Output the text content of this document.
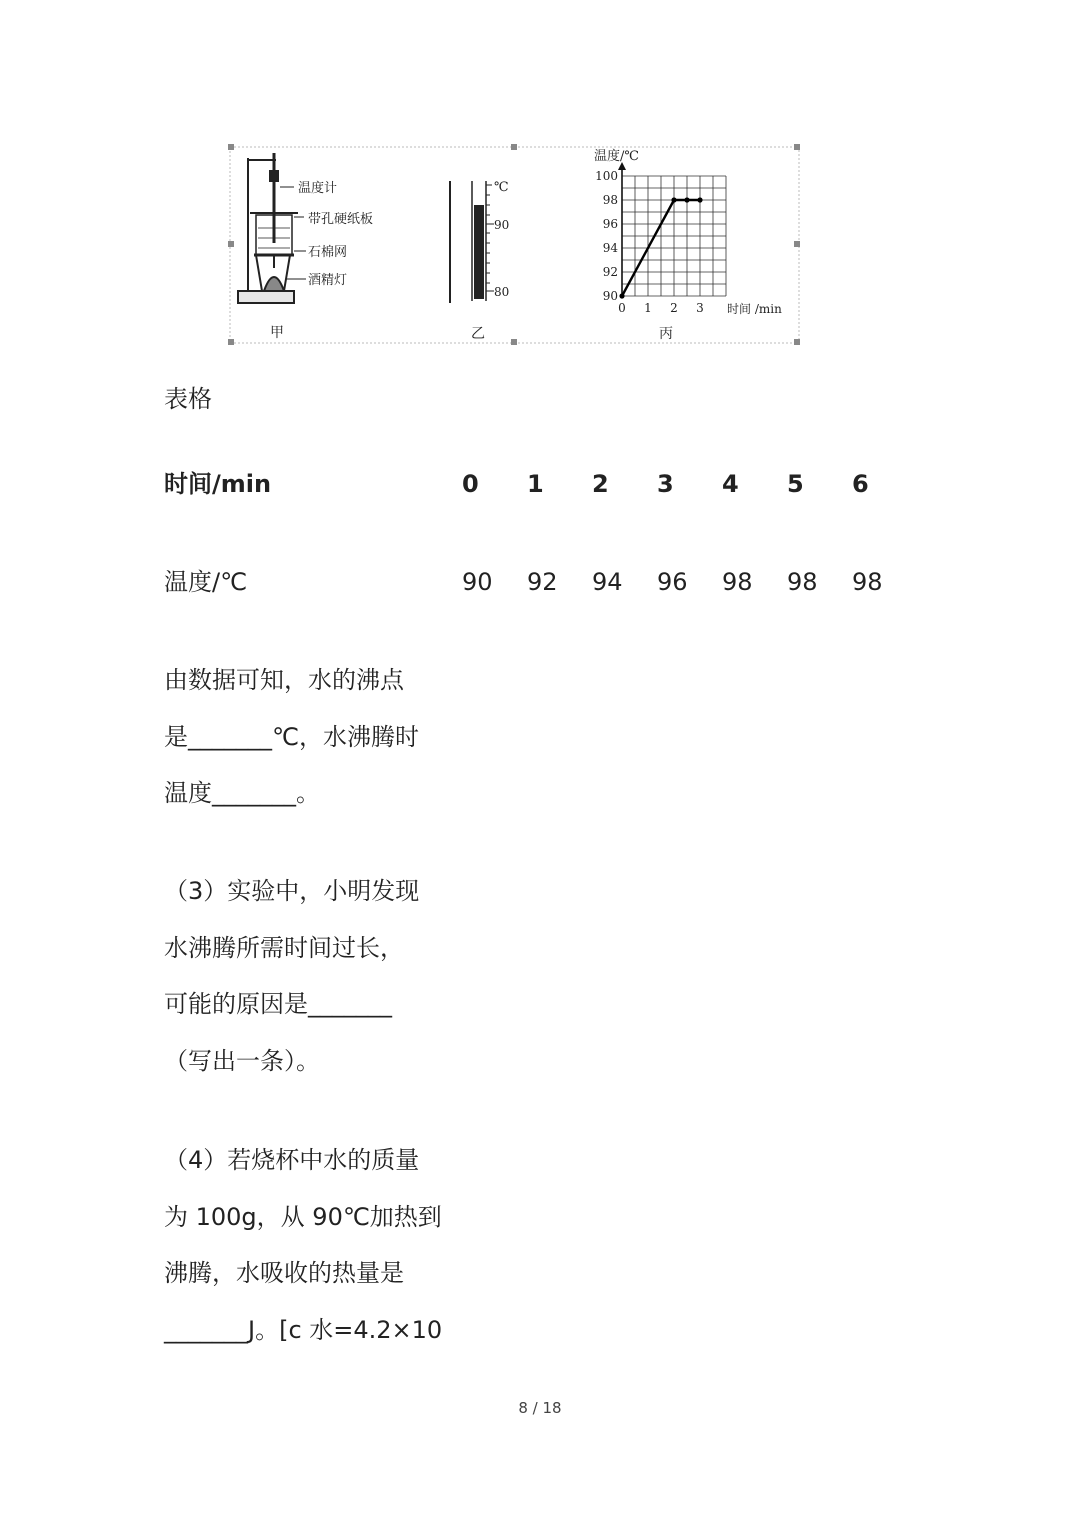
温度计
带孔硬纸板
石棉网
酒精灯
甲
℃
90
80
乙
90
92
94
96
98
100
0 1 2 3
温度/℃
时间 /min
丙
表格
时间/min	0 1 2 3 4 5 6
温度/℃	90 92 94 96 98 98 98
由数据可知，水的沸点
是_______℃，水沸腾时
温度_______。
（3）实验中，小明发现
水沸腾所需时间过长，
可能的原因是_______
（写出一条）。
（4）若烧杯中水的质量
为 100g，从 90℃加热到
沸腾，水吸收的热量是
_______J。[c 水=4.2×10
8 / 18
